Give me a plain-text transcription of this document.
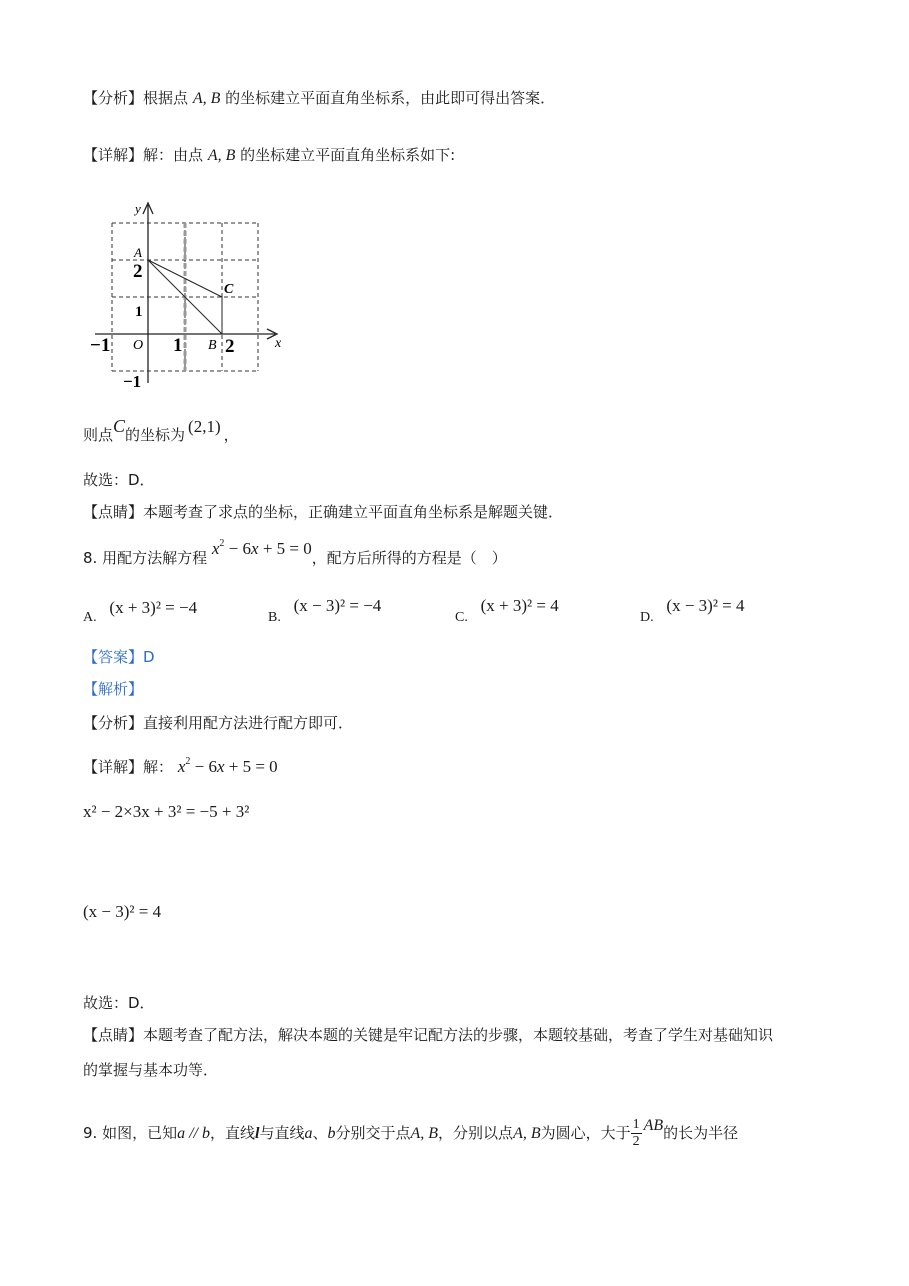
【分析】根据点 A, B 的坐标建立平面直角坐标系，由此即可得出答案．
【详解】解：由点 A, B 的坐标建立平面直角坐标系如下:
y
x
A
C
B
O
2
1
1 2
−1
−1
则点C的坐标为 (2,1) ，
故选：D．
【点睛】本题考查了求点的坐标，正确建立平面直角坐标系是解题关键．
8. 用配方法解方程 $x^2 - 6x + 5 = 0$，配方后所得的方程是（　）
A. (x + 3)² = −4
B. (x − 3)² = −4
C. (x + 3)² = 4
D. (x − 3)² = 4
【答案】D
【解析】
【分析】直接利用配方法进行配方即可．
【详解】解： $x^2 - 6x + 5 = 0$
x² − 2×3x + 3² = −5 + 3²
(x − 3)² = 4
故选：D．
【点睛】本题考查了配方法，解决本题的关键是牢记配方法的步骤，本题较基础，考查了学生对基础知识
的掌握与基本功等．
9. 如图，已知a // b，直线l与直线a、b分别交于点A, B，分别以点A, B为圆心，大于 $\frac{1}{2}$ AB的长为半径
